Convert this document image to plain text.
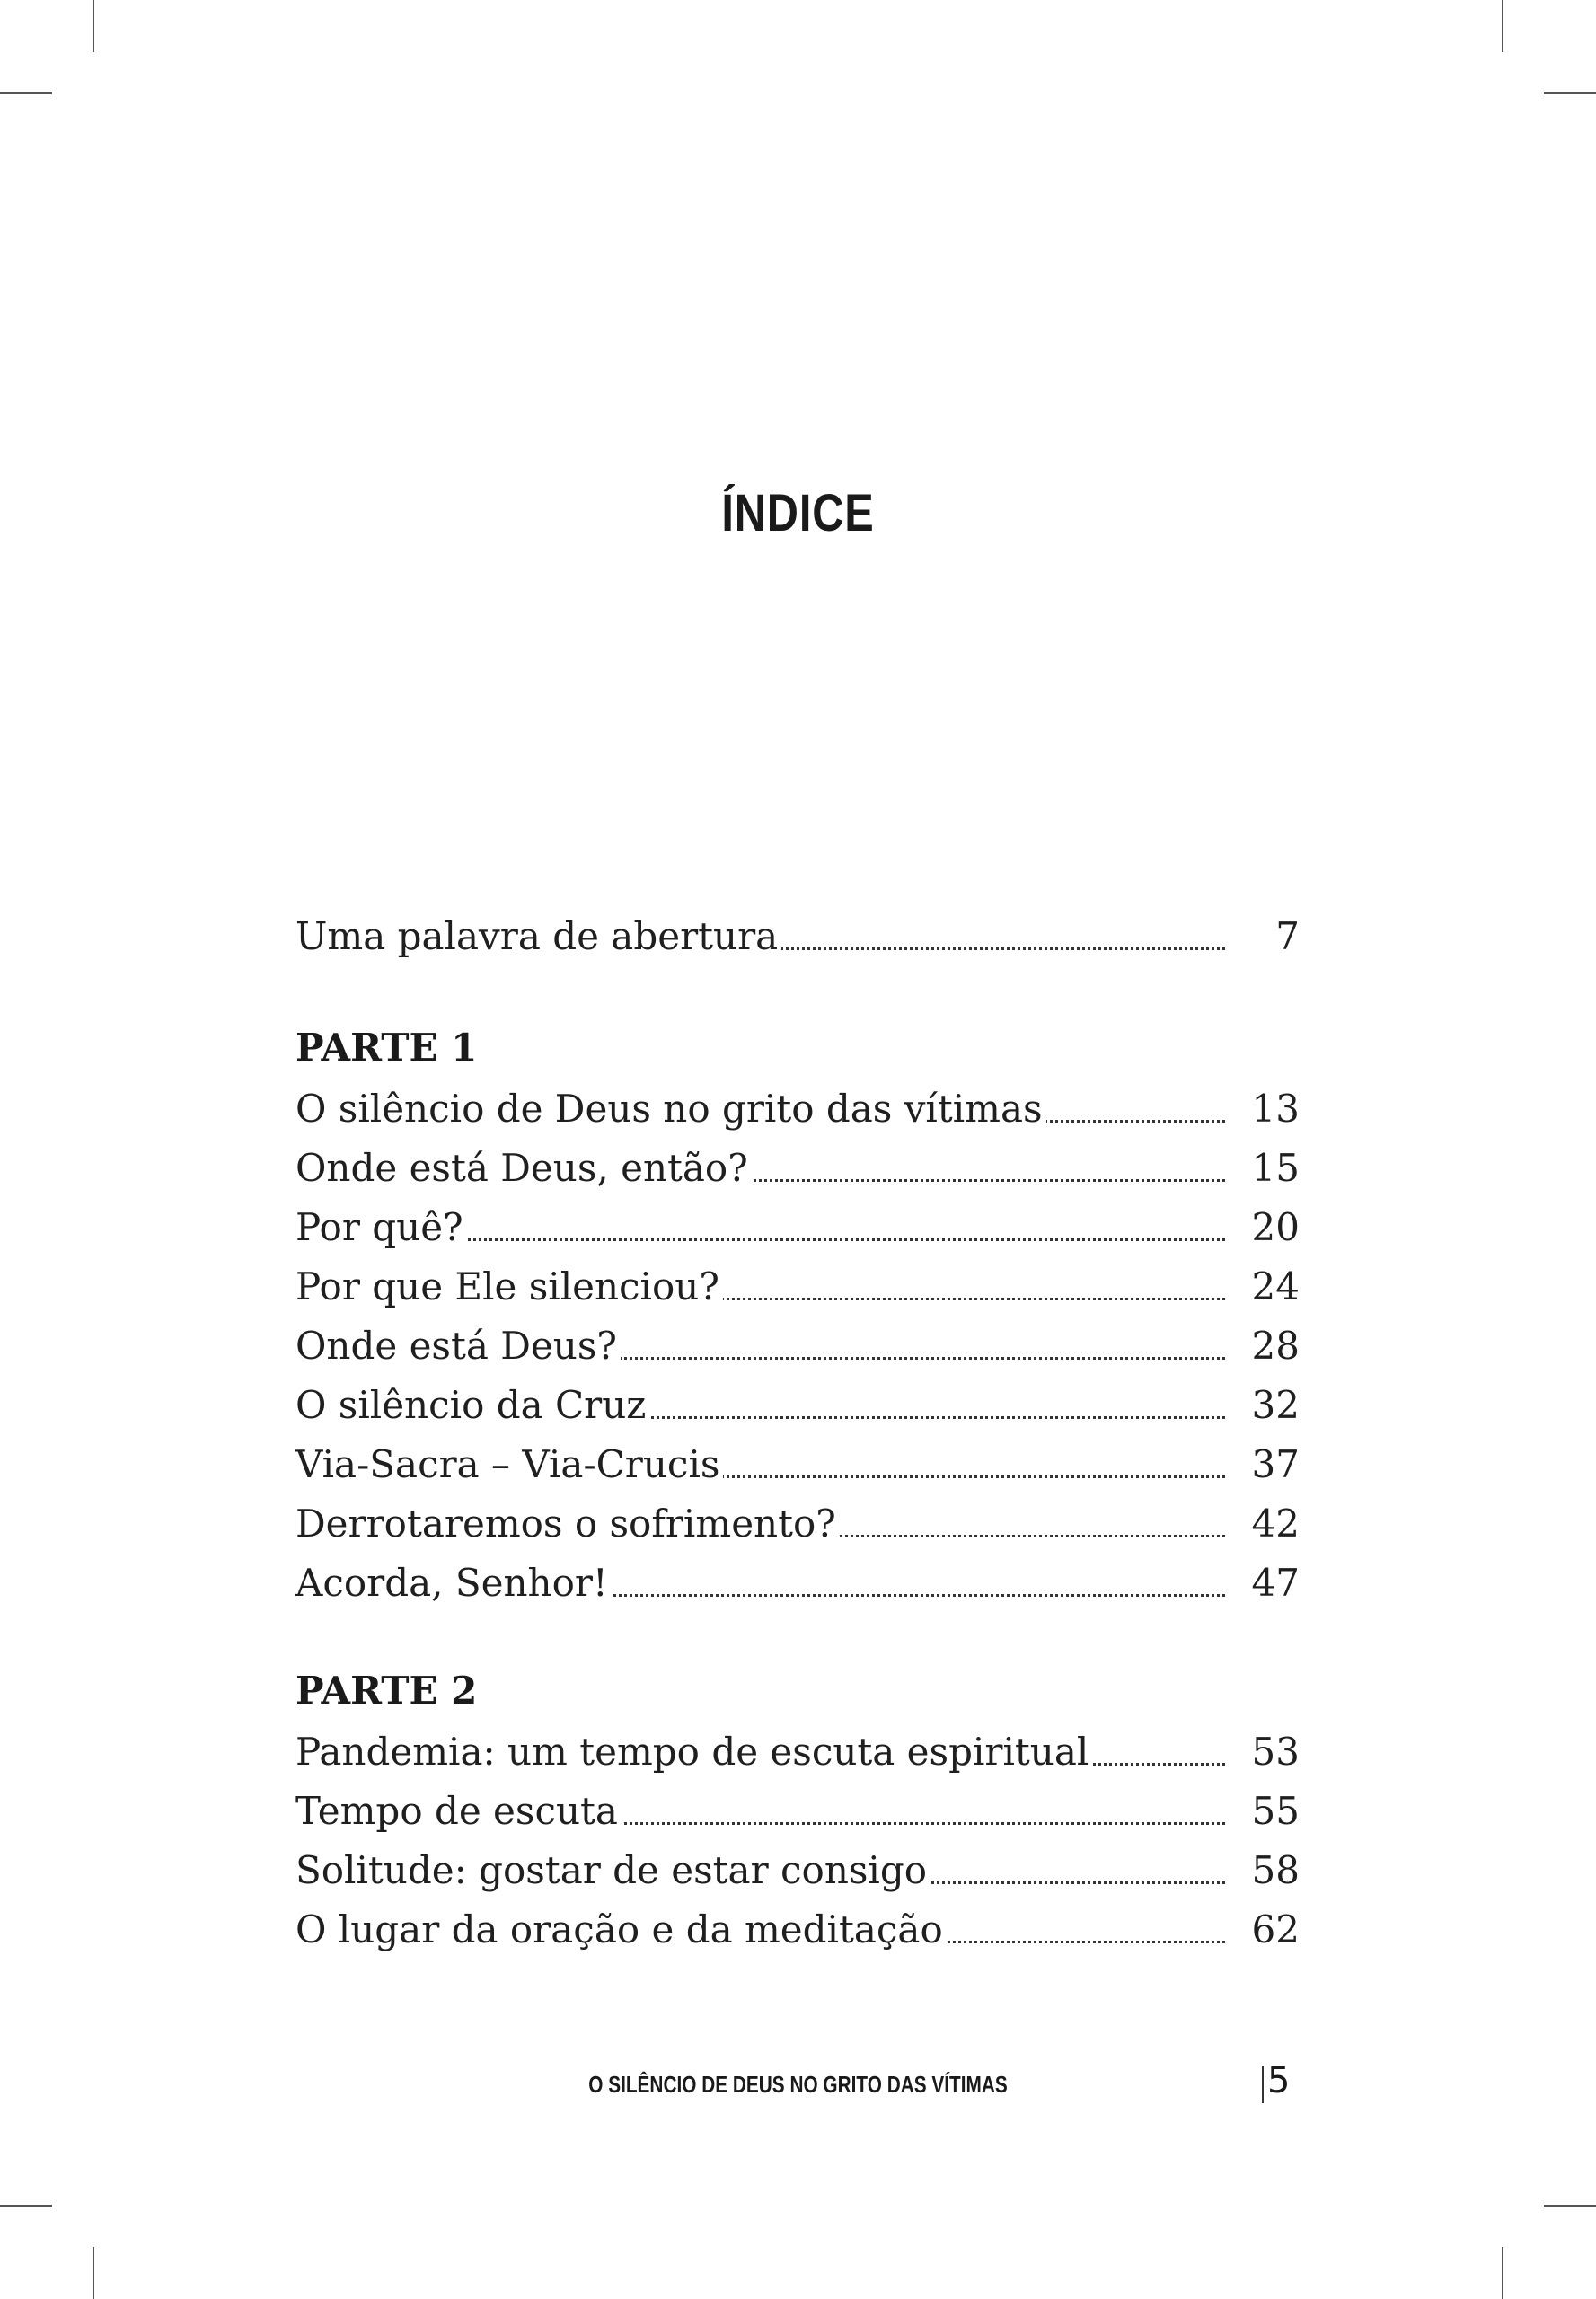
ÍNDICE
Uma palavra de abertura	7
PARTE 1
O silêncio de Deus no grito das vítimas	13
Onde está Deus, então?	15
Por quê?	20
Por que Ele silenciou?	24
Onde está Deus?	28
O silêncio da Cruz	32
Via-Sacra – Via-Crucis	37
Derrotaremos o sofrimento?	42
Acorda, Senhor!	47
PARTE 2
Pandemia: um tempo de escuta espiritual	53
Tempo de escuta	55
Solitude: gostar de estar consigo	58
O lugar da oração e da meditação	62
O SILÊNCIO DE DEUS NO GRITO DAS VÍTIMAS	5
